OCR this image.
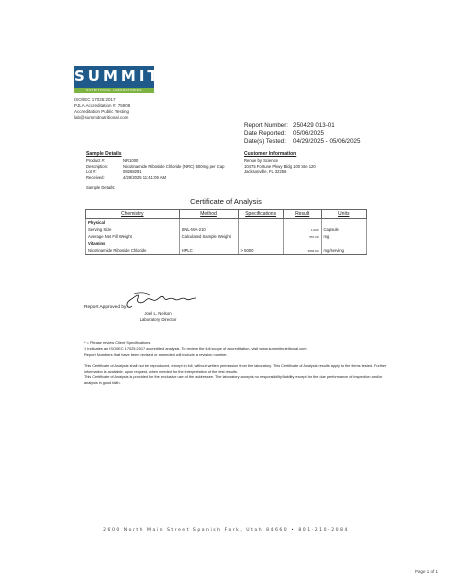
SUMMIT
NUTRITIONAL LABORATORIES
ISO/IEC 17025:2017
PJLA Accreditation #: 75908
Accreditation Public Testing
lab@summitnutritional.com
Report Number: 250429 013-01
Date Reported:	05/06/2025
Date(s) Tested:	04/29/2025 - 05/06/2025
Sample Details
Product #:	NR1000
Description:	Nicotinamide Riboside Chloride (NRC) 500mg per Cap
Lot #:	08268291
Received:	4/29/2025 11:41:09 AM
Customer Information
Renue by Science
10475 Fortune Pkwy Bldg 100 Ste 120
Jacksonville, FL 32256
Sample Details:
Certificate of Analysis
Chemistry	Method	Specifications	Result	Units
Physical				
Serving Size	SNL-MA-210		1.000	Capsule
Average Net Fill Weight	Calculated Sample Weight		557.29	mg
Vitamins				
Nicotinamide Riboside Chloride	HPLC	> 5000	5066.90	mg/serving
Report Approved by:
Joel L. Nelson
Laboratory Director

* = Please review Client Specifications

† Indicates an ISO/IEC 17025:2017 accredited analysis. To review the full scope of accreditation, visit www.summitnutritional.com

Report Numbers that have been revised or amended will include a revision number.

This Certificate of Analysis shall not be reproduced, except in full, without written permission from the laboratory. This Certificate of Analysis results apply to the items tested. Further information is available, upon request, when needed for the interpretation of the test results.

This Certificate of Analysis is provided for the exclusive use of the addressee. The laboratory accepts no responsibility/liability except for the due performance of inspection and/or analysis in good faith.

2600 North Main Street Spanish Fork, Utah 84660 • 801-210-2084
Page 1 of 1
